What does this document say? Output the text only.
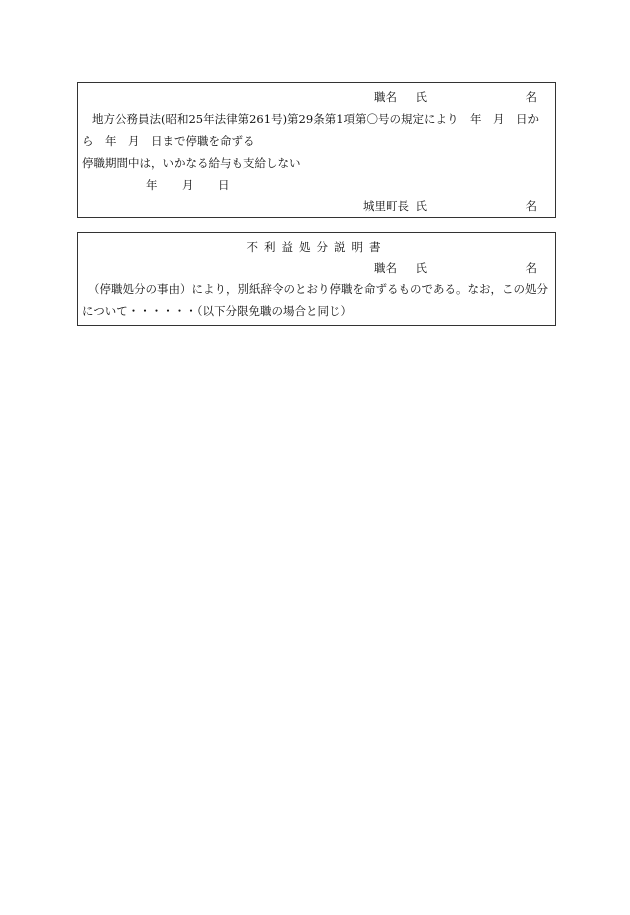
職名 氏	名
地方公務員法(昭和25年法律第261号)第29条第1項第〇号の規定により　年　月　日か
ら　年　月　日まで停職を命ずる
停職期間中は，いかなる給与も支給しない
年 月 日
城里町長 氏	名
不利益処分説明書
職名 氏	名
（停職処分の事由）により，別紙辞令のとおり停職を命ずるものである。なお，この処分
について・・・・・・（以下分限免職の場合と同じ）
